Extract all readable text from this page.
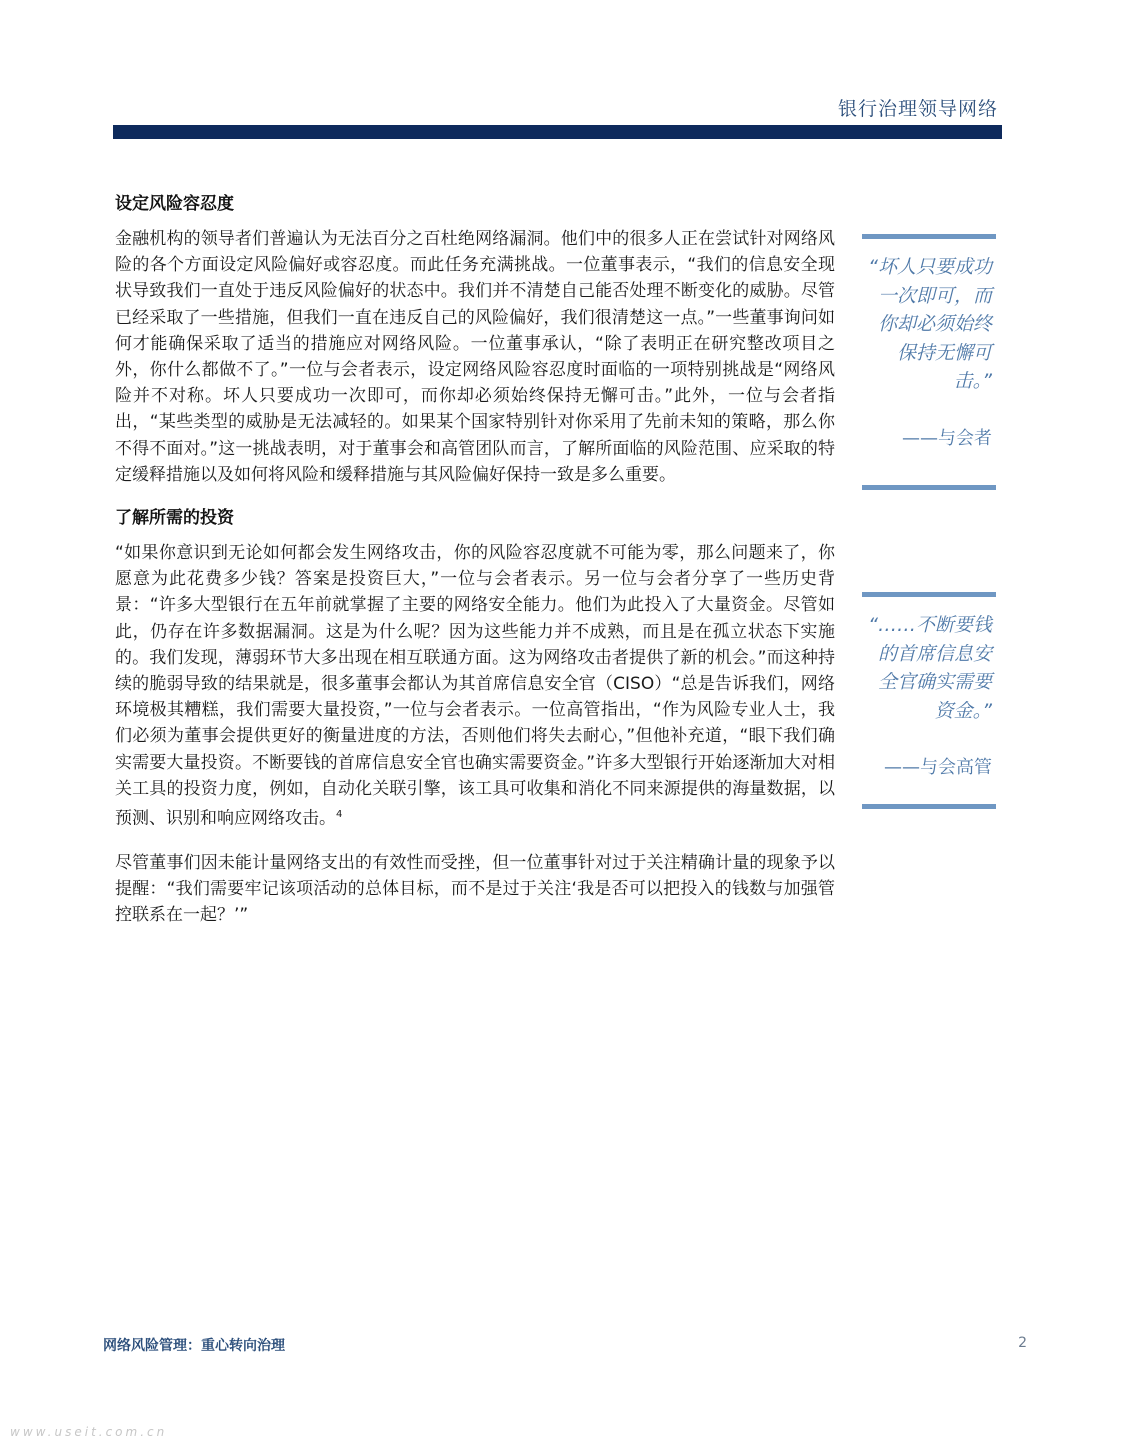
银行治理领导网络
设定风险容忍度

金融机构的领导者们普遍认为无法百分之百杜绝网络漏洞。他们中的很多人正在尝试针对网络风险的各个方面设定风险偏好或容忍度。而此任务充满挑战。一位董事表示，“我们的信息安全现状导致我们一直处于违反风险偏好的状态中。我们并不清楚自己能否处理不断变化的威胁。尽管已经采取了一些措施，但我们一直在违反自己的风险偏好，我们很清楚这一点。”一些董事询问如何才能确保采取了适当的措施应对网络风险。一位董事承认，“除了表明正在研究整改项目之外，你什么都做不了。”一位与会者表示，设定网络风险容忍度时面临的一项特别挑战是“网络风险并不对称。坏人只要成功一次即可，而你却必须始终保持无懈可击。”此外，一位与会者指出，“某些类型的威胁是无法减轻的。如果某个国家特别针对你采用了先前未知的策略，那么你不得不面对。”这一挑战表明，对于董事会和高管团队而言，了解所面临的风险范围、应采取的特定缓释措施以及如何将风险和缓释措施与其风险偏好保持一致是多么重要。

了解所需的投资

“如果你意识到无论如何都会发生网络攻击，你的风险容忍度就不可能为零，那么问题来了，你愿意为此花费多少钱？答案是投资巨大，”一位与会者表示。另一位与会者分享了一些历史背景：“许多大型银行在五年前就掌握了主要的网络安全能力。他们为此投入了大量资金。尽管如此，仍存在许多数据漏洞。这是为什么呢？因为这些能力并不成熟，而且是在孤立状态下实施的。我们发现，薄弱环节大多出现在相互联通方面。这为网络攻击者提供了新的机会。”而这种持续的脆弱导致的结果就是，很多董事会都认为其首席信息安全官（CISO）“总是告诉我们，网络环境极其糟糕，我们需要大量投资，”一位与会者表示。一位高管指出，“作为风险专业人士，我们必须为董事会提供更好的衡量进度的方法，否则他们将失去耐心，”但他补充道，“眼下我们确实需要大量投资。不断要钱的首席信息安全官也确实需要资金。”许多大型银行开始逐渐加大对相关工具的投资力度，例如，自动化关联引擎，该工具可收集和消化不同来源提供的海量数据，以预测、识别和响应网络攻击。$^4$

尽管董事们因未能计量网络支出的有效性而受挫，但一位董事针对过于关注精确计量的现象予以提醒：“我们需要牢记该项活动的总体目标，而不是过于关注‘我是否可以把投入的钱数与加强管控联系在一起？’”

“坏人只要成功一次即可，而你却必须始终保持无懈可击。”

——与会者

“……不断要钱的首席信息安全官确实需要资金。”

——与会高管

网络风险管理：重心转向治理	2
www.useit.com.cn
